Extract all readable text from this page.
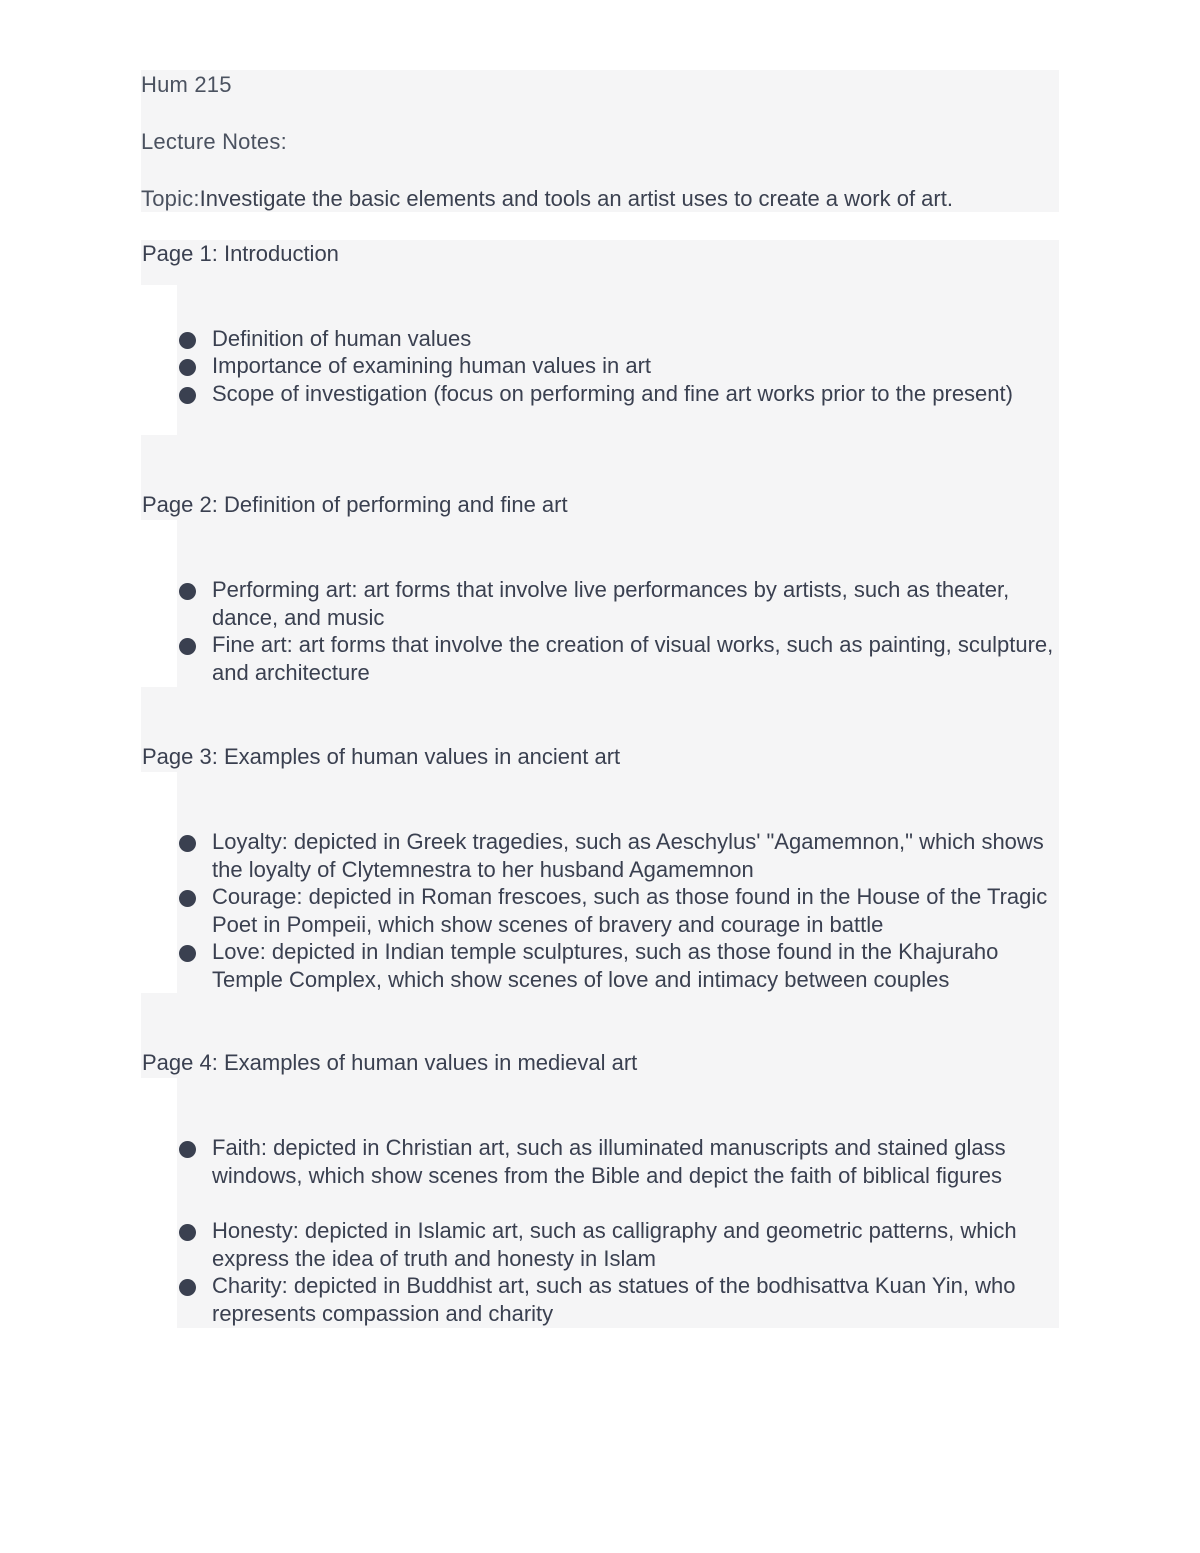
Hum 215
Lecture Notes:
Topic:Investigate the basic elements and tools an artist uses to create a work of art.
Page 1: Introduction
Definition of human values
Importance of examining human values in art
Scope of investigation (focus on performing and fine art works prior to the present)
Page 2: Definition of performing and fine art
Performing art: art forms that involve live performances by artists, such as theater, dance, and music
Fine art: art forms that involve the creation of visual works, such as painting, sculpture, and architecture
Page 3: Examples of human values in ancient art
Loyalty: depicted in Greek tragedies, such as Aeschylus' "Agamemnon," which shows the loyalty of Clytemnestra to her husband Agamemnon
Courage: depicted in Roman frescoes, such as those found in the House of the Tragic Poet in Pompeii, which show scenes of bravery and courage in battle
Love: depicted in Indian temple sculptures, such as those found in the Khajuraho Temple Complex, which show scenes of love and intimacy between couples
Page 4: Examples of human values in medieval art
Faith: depicted in Christian art, such as illuminated manuscripts and stained glass windows, which show scenes from the Bible and depict the faith of biblical figures
Honesty: depicted in Islamic art, such as calligraphy and geometric patterns, which express the idea of truth and honesty in Islam
Charity: depicted in Buddhist art, such as statues of the bodhisattva Kuan Yin, who represents compassion and charity
